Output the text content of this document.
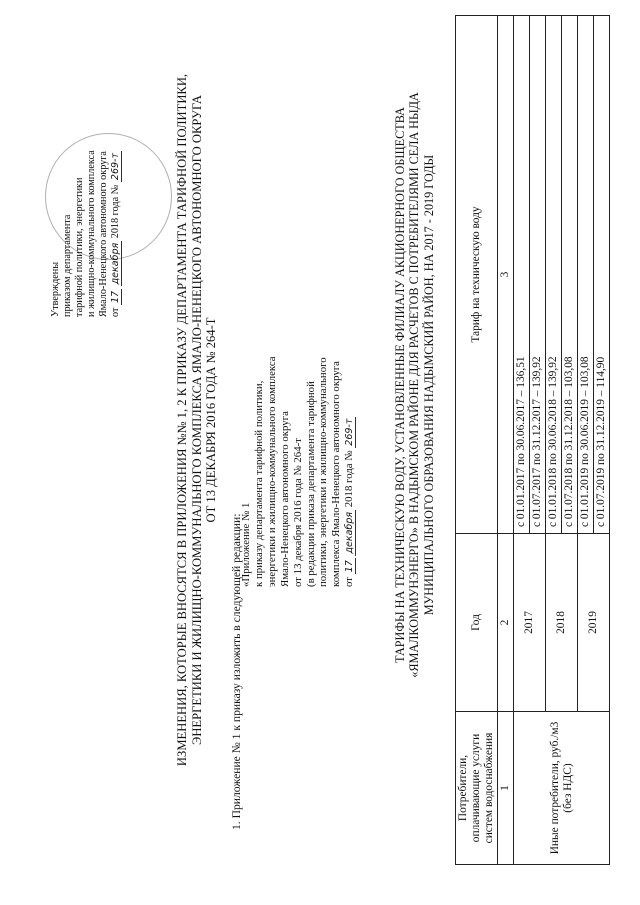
Утверждены приказом департамента тарифной политики, энергетики и жилищно-коммунального комплекса Ямало-Ненецкого автономного округа от 17 декабря 2018 года № 269-т	ИЗМЕНЕНИЯ, КОТОРЫЕ ВНОСЯТСЯ В ПРИЛОЖЕНИЯ №№ 1, 2 К ПРИКАЗУ ДЕПАРТАМЕНТА ТАРИФНОЙ ПОЛИТИКИ, ЭНЕРГЕТИКИ И ЖИЛИЩНО-КОММУНАЛЬНОГО КОМПЛЕКСА ЯМАЛО-НЕНЕЦКОГО АВТОНОМНОГО ОКРУГА ОТ 13 ДЕКАБРЯ 2016 ГОДА № 264-Т
1. Приложение № 1 к приказу изложить в следующей редакции:
«Приложение № 1 к приказу департамента тарифной политики, энергетики и жилищно-коммунального комплекса Ямало-Ненецкого автономного округа от 13 декабря 2016 года № 264-т (в редакции приказа департамента тарифной политики, энергетики и жилищно-коммунального комплекса Ямало-Ненецкого автономного округа от 17 декабря 2018 года № 269-т	ТАРИФЫ НА ТЕХНИЧЕСКУЮ ВОДУ, УСТАНОВЛЕННЫЕ ФИЛИАЛУ АКЦИОНЕРНОГО ОБЩЕСТВА «ЯМАЛКОММУНЭНЕРГО» В НАДЫМСКОМ РАЙОНЕ ДЛЯ РАСЧЕТОВ С ПОТРЕБИТЕЛЯМИ СЕЛА НЫДА МУНИЦИПАЛЬНОГО ОБРАЗОВАНИЯ НАДЫМСКИЙ РАЙОН, НА 2017 - 2019 ГОДЫ
Потребители, оплачивающие услуги систем водоснабжения	Год	Тариф на техническую воду
1	2	3
Иные потребители, руб./м3 (без НДС)	2017	с 01.01.2017 по 30.06.2017 – 136,51
		с 01.07.2017 по 31.12.2017 – 139,92
	2018	с 01.01.2018 по 30.06.2018 – 139,92
		с 01.07.2018 по 31.12.2018 – 103,08
	2019	с 01.01.2019 по 30.06.2019 – 103,08
		с 01.07.2019 по 31.12.2019 – 114,90
